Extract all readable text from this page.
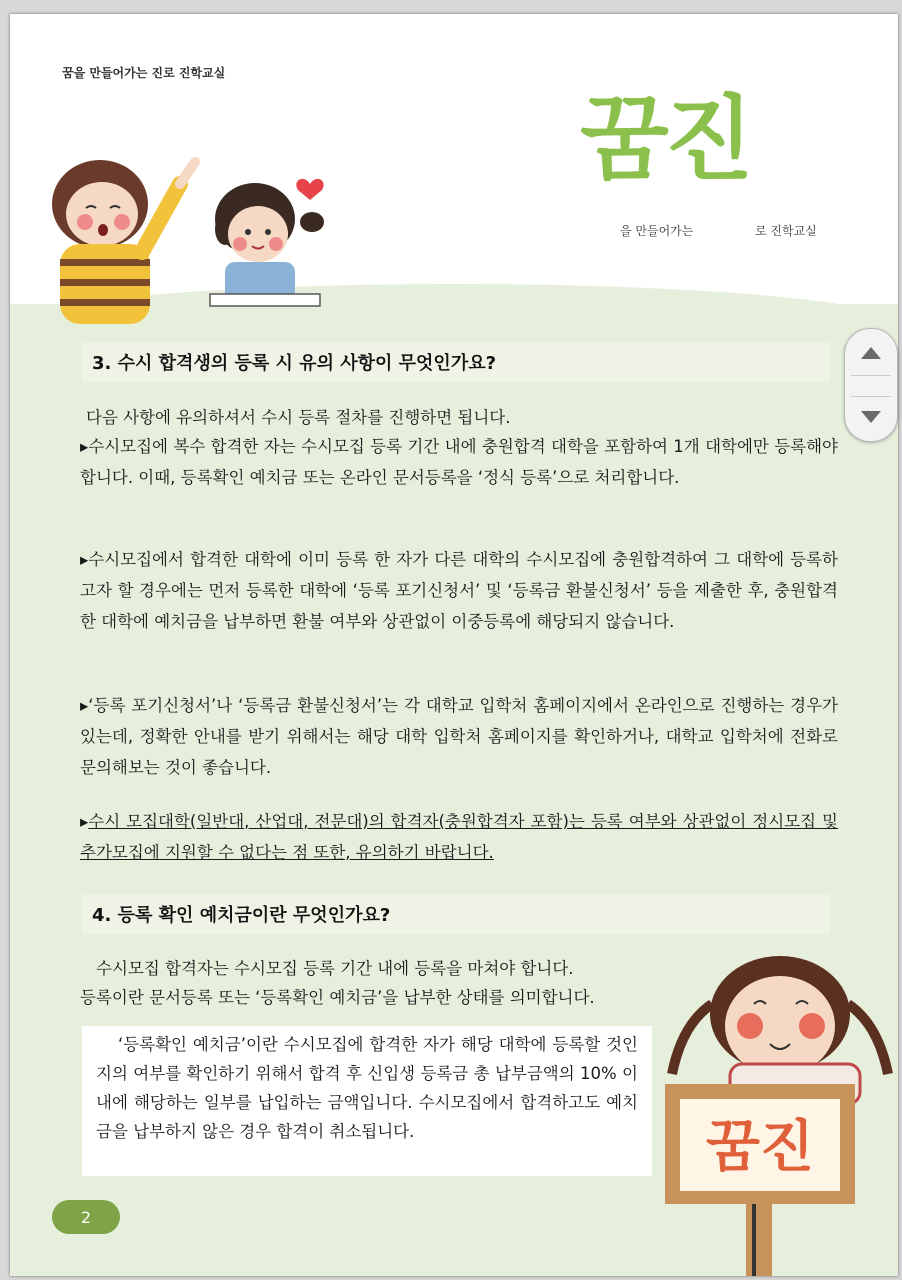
꿈을 만들어가는 진로 진학교실
꿈진
을 만들어가는	로 진학교실
3. 수시 합격생의 등록 시 유의 사항이 무엇인가요?
다음 사항에 유의하셔서 수시 등록 절차를 진행하면 됩니다.
▸수시모집에 복수 합격한 자는 수시모집 등록 기간 내에 충원합격 대학을 포함하여 1개 대학에만 등록해야 합니다. 이때, 등록확인 예치금 또는 온라인 문서등록을 ‘정식 등록’으로 처리합니다.
▸수시모집에서 합격한 대학에 이미 등록 한 자가 다른 대학의 수시모집에 충원합격하여 그 대학에 등록하고자 할 경우에는 먼저 등록한 대학에 ‘등록 포기신청서’ 및 ‘등록금 환불신청서’ 등을 제출한 후, 충원합격한 대학에 예치금을 납부하면 환불 여부와 상관없이 이중등록에 해당되지 않습니다.
▸‘등록 포기신청서’나 ‘등록금 환불신청서’는 각 대학교 입학처 홈페이지에서 온라인으로 진행하는 경우가 있는데, 정확한 안내를 받기 위해서는 해당 대학 입학처 홈페이지를 확인하거나, 대학교 입학처에 전화로 문의해보는 것이 좋습니다.
▸수시 모집대학(일반대, 산업대, 전문대)의 합격자(충원합격자 포함)는 등록 여부와 상관없이 정시모집 및 추가모집에 지원할 수 없다는 점 또한, 유의하기 바랍니다.
4. 등록 확인 예치금이란 무엇인가요?
수시모집 합격자는 수시모집 등록 기간 내에 등록을 마쳐야 합니다.
등록이란 문서등록 또는 ‘등록확인 예치금’을 납부한 상태를 의미합니다.
‘등록확인 예치금’이란 수시모집에 합격한 자가 해당 대학에 등록할 것인지의 여부를 확인하기 위해서 합격 후 신입생 등록금 총 납부금액의 10% 이내에 해당하는 일부를 납입하는 금액입니다. 수시모집에서 합격하고도 예치금을 납부하지 않은 경우 합격이 취소됩니다.	꿈진
2
